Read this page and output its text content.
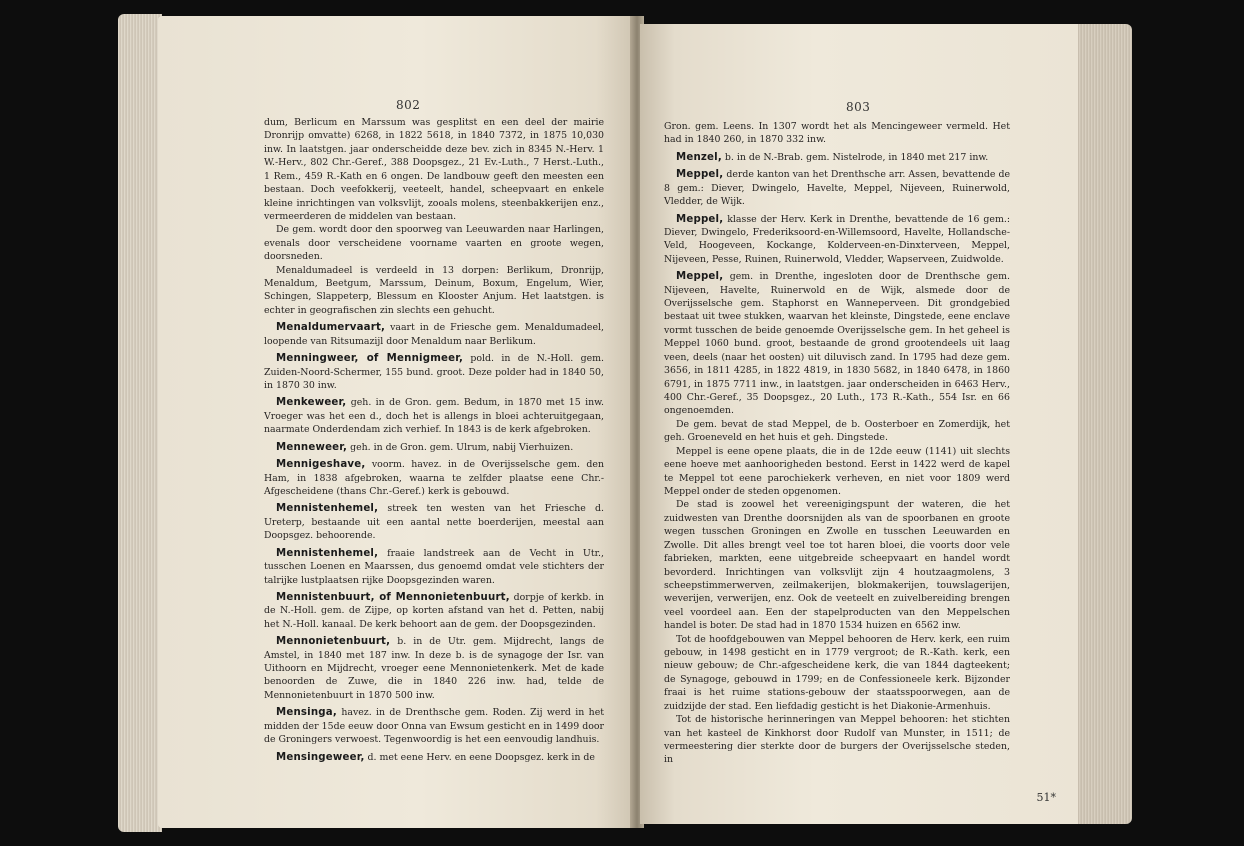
802

dum, Berlicum en Marssum was gesplitst en een deel der mairie Dronrijp omvatte) 6268, in 1822 5618, in 1840 7372, in 1875 10,030 inw. In laatstgen. jaar onderscheidde deze bev. zich in 8345 N.-Herv. 1 W.-Herv., 802 Chr.-Geref., 388 Doopsgez., 21 Ev.-Luth., 7 Herst.-Luth., 1 Rem., 459 R.-Kath en 6 ongen. De landbouw geeft den meesten een bestaan. Doch veefokkerij, veeteelt, handel, scheepvaart en enkele kleine inrichtingen van volksvlijt, zooals molens, steenbakkerijen enz., vermeerderen de middelen van bestaan.

De gem. wordt door den spoorweg van Leeuwarden naar Harlingen, evenals door verscheidene voorname vaarten en groote wegen, doorsneden.

Menaldumadeel is verdeeld in 13 dorpen: Berlikum, Dronrijp, Menaldum, Beetgum, Marssum, Deinum, Boxum, Engelum, Wier, Schingen, Slappeterp, Blessum en Klooster Anjum. Het laatstgen. is echter in geografischen zin slechts een gehucht.

Menaldumervaart, vaart in de Friesche gem. Menaldumadeel, loopende van Ritsumazijl door Menaldum naar Berlikum.

Menningweer, of Mennigmeer, pold. in de N.-Holl. gem. Zuiden-Noord-Schermer, 155 bund. groot. Deze polder had in 1840 50, in 1870 30 inw.

Menkeweer, geh. in de Gron. gem. Bedum, in 1870 met 15 inw. Vroeger was het een d., doch het is allengs in bloei achteruitgegaan, naarmate Onderdendam zich verhief. In 1843 is de kerk afgebroken.

Menneweer, geh. in de Gron. gem. Ulrum, nabij Vierhuizen.

Mennigeshave, voorm. havez. in de Overijsselsche gem. den Ham, in 1838 afgebroken, waarna te zelfder plaatse eene Chr.-Afgescheidene (thans Chr.-Geref.) kerk is gebouwd.

Mennistenhemel, streek ten westen van het Friesche d. Ureterp, bestaande uit een aantal nette boerderijen, meestal aan Doopsgez. behoorende.

Mennistenhemel, fraaie landstreek aan de Vecht in Utr., tusschen Loenen en Maarssen, dus genoemd omdat vele stichters der talrijke lustplaatsen rijke Doopsgezinden waren.

Mennistenbuurt, of Mennonietenbuurt, dorpje of kerkb. in de N.-Holl. gem. de Zijpe, op korten afstand van het d. Petten, nabij het N.-Holl. kanaal. De kerk behoort aan de gem. der Doopsgezinden.

Mennonietenbuurt, b. in de Utr. gem. Mijdrecht, langs de Amstel, in 1840 met 187 inw. In deze b. is de synagoge der Isr. van Uithoorn en Mijdrecht, vroeger eene Mennonietenkerk. Met de kade benoorden de Zuwe, die in 1840 226 inw. had, telde de Mennonietenbuurt in 1870 500 inw.

Mensinga, havez. in de Drenthsche gem. Roden. Zij werd in het midden der 15de eeuw door Onna van Ewsum gesticht en in 1499 door de Groningers verwoest. Tegenwoordig is het een eenvoudig landhuis.

Mensingeweer, d. met eene Herv. en eene Doopsgez. kerk in de

803

Gron. gem. Leens. In 1307 wordt het als Mencingeweer vermeld. Het had in 1840 260, in 1870 332 inw.

Menzel, b. in de N.-Brab. gem. Nistelrode, in 1840 met 217 inw.

Meppel, derde kanton van het Drenthsche arr. Assen, bevattende de 8 gem.: Diever, Dwingelo, Havelte, Meppel, Nijeveen, Ruinerwold, Vledder, de Wijk.

Meppel, klasse der Herv. Kerk in Drenthe, bevattende de 16 gem.: Diever, Dwingelo, Frederiksoord-en-Willemsoord, Havelte, Hollandsche-Veld, Hoogeveen, Kockange, Kolderveen-en-Dinxterveen, Meppel, Nijeveen, Pesse, Ruinen, Ruinerwold, Vledder, Wapserveen, Zuidwolde.

Meppel, gem. in Drenthe, ingesloten door de Drenthsche gem. Nijeveen, Havelte, Ruinerwold en de Wijk, alsmede door de Overijsselsche gem. Staphorst en Wanneperveen. Dit grondgebied bestaat uit twee stukken, waarvan het kleinste, Dingstede, eene enclave vormt tusschen de beide genoemde Overijsselsche gem. In het geheel is Meppel 1060 bund. groot, bestaande de grond grootendeels uit laag veen, deels (naar het oosten) uit diluvisch zand. In 1795 had deze gem. 3656, in 1811 4285, in 1822 4819, in 1830 5682, in 1840 6478, in 1860 6791, in 1875 7711 inw., in laatstgen. jaar onderscheiden in 6463 Herv., 400 Chr.-Geref., 35 Doopsgez., 20 Luth., 173 R.-Kath., 554 Isr. en 66 ongenoemden.

De gem. bevat de stad Meppel, de b. Oosterboer en Zomerdijk, het geh. Groeneveld en het huis et geh. Dingstede.

Meppel is eene opene plaats, die in de 12de eeuw (1141) uit slechts eene hoeve met aanhoorigheden bestond. Eerst in 1422 werd de kapel te Meppel tot eene parochiekerk verheven, en niet voor 1809 werd Meppel onder de steden opgenomen.

De stad is zoowel het vereenigingspunt der wateren, die het zuidwesten van Drenthe doorsnijden als van de spoorbanen en groote wegen tusschen Groningen en Zwolle en tusschen Leeuwarden en Zwolle. Dit alles brengt veel toe tot haren bloei, die voorts door vele fabrieken, markten, eene uitgebreide scheepvaart en handel wordt bevorderd. Inrichtingen van volksvlijt zijn 4 houtzaagmolens, 3 scheepstimmerwerven, zeilmakerijen, blokmakerijen, touwslagerijen, weverijen, verwerijen, enz. Ook de veeteelt en zuivelbereiding brengen veel voordeel aan. Een der stapelproducten van den Meppelschen handel is boter. De stad had in 1870 1534 huizen en 6562 inw.

Tot de hoofdgebouwen van Meppel behooren de Herv. kerk, een ruim gebouw, in 1498 gesticht en in 1779 vergroot; de R.-Kath. kerk, een nieuw gebouw; de Chr.-afgescheidene kerk, die van 1844 dagteekent; de Synagoge, gebouwd in 1799; en de Confessioneele kerk. Bijzonder fraai is het ruime stations-gebouw der staatsspoorwegen, aan de zuidzijde der stad. Een liefdadig gesticht is het Diakonie-Armenhuis.

Tot de historische herinneringen van Meppel behooren: het stichten van het kasteel de Kinkhorst door Rudolf van Munster, in 1511; de vermeestering dier sterkte door de burgers der Overijsselsche steden, in

51*
